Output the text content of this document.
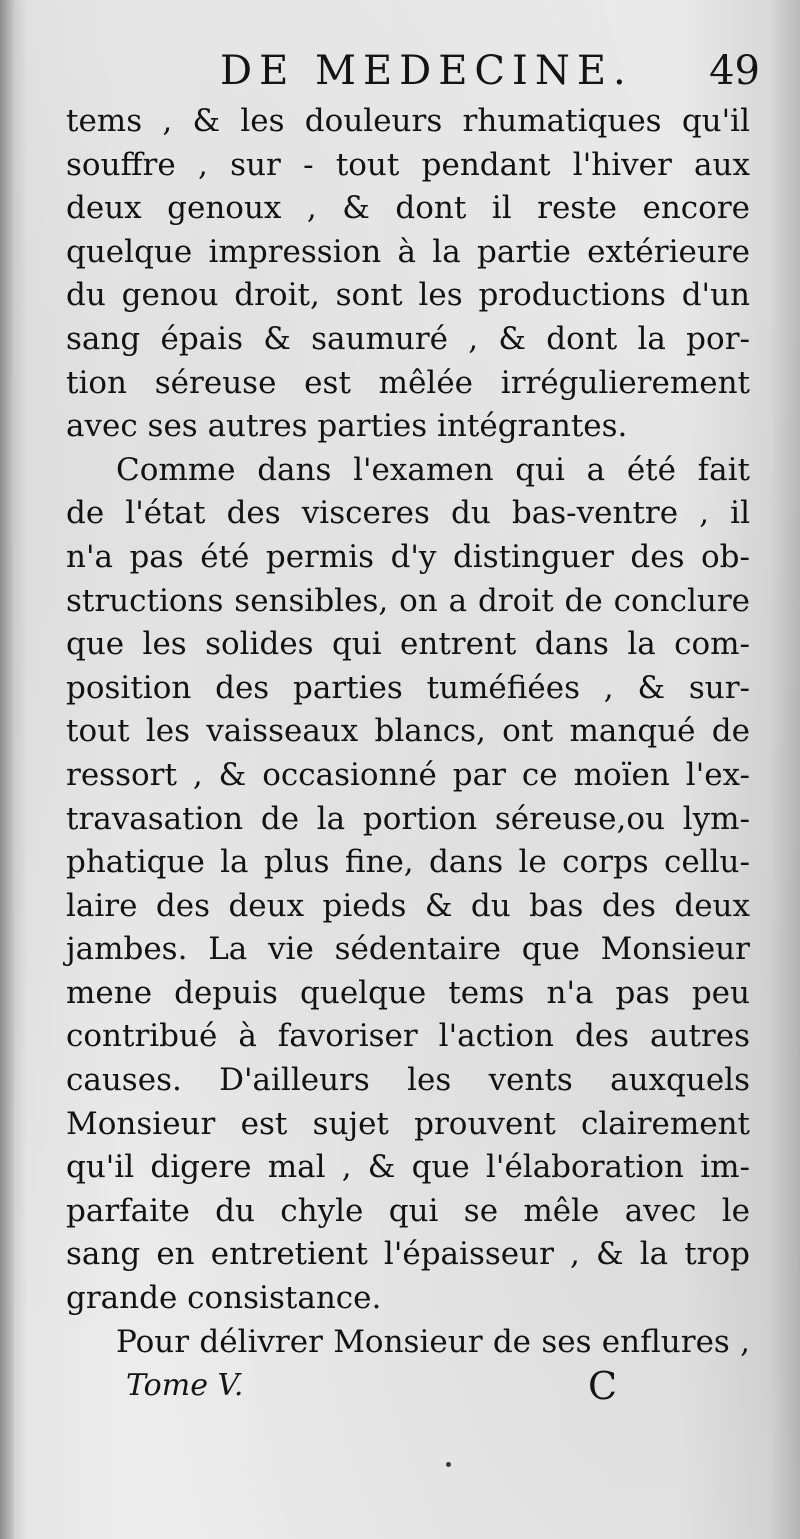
DE MEDECINE. 49
tems , & les douleurs rhumatiques qu'il
souffre , sur - tout pendant l'hiver aux
deux genoux , & dont il reste encore
quelque impression à la partie extérieure
du genou droit, sont les productions d'un
sang épais & saumuré , & dont la por-
tion séreuse est mêlée irrégulierement
avec ses autres parties intégrantes.
Comme dans l'examen qui a été fait
de l'état des visceres du bas-ventre , il
n'a pas été permis d'y distinguer des ob-
structions sensibles, on a droit de conclure
que les solides qui entrent dans la com-
position des parties tuméfiées , & sur-
tout les vaisseaux blancs, ont manqué de
ressort , & occasionné par ce moïen l'ex-
travasation de la portion séreuse,ou lym-
phatique la plus fine, dans le corps cellu-
laire des deux pieds & du bas des deux
jambes. La vie sédentaire que Monsieur
mene depuis quelque tems n'a pas peu
contribué à favoriser l'action des autres
causes. D'ailleurs les vents auxquels
Monsieur est sujet prouvent clairement
qu'il digere mal , & que l'élaboration im-
parfaite du chyle qui se mêle avec le
sang en entretient l'épaisseur , & la trop
grande consistance.
Pour délivrer Monsieur de ses enflures ,
Tome V.	C
